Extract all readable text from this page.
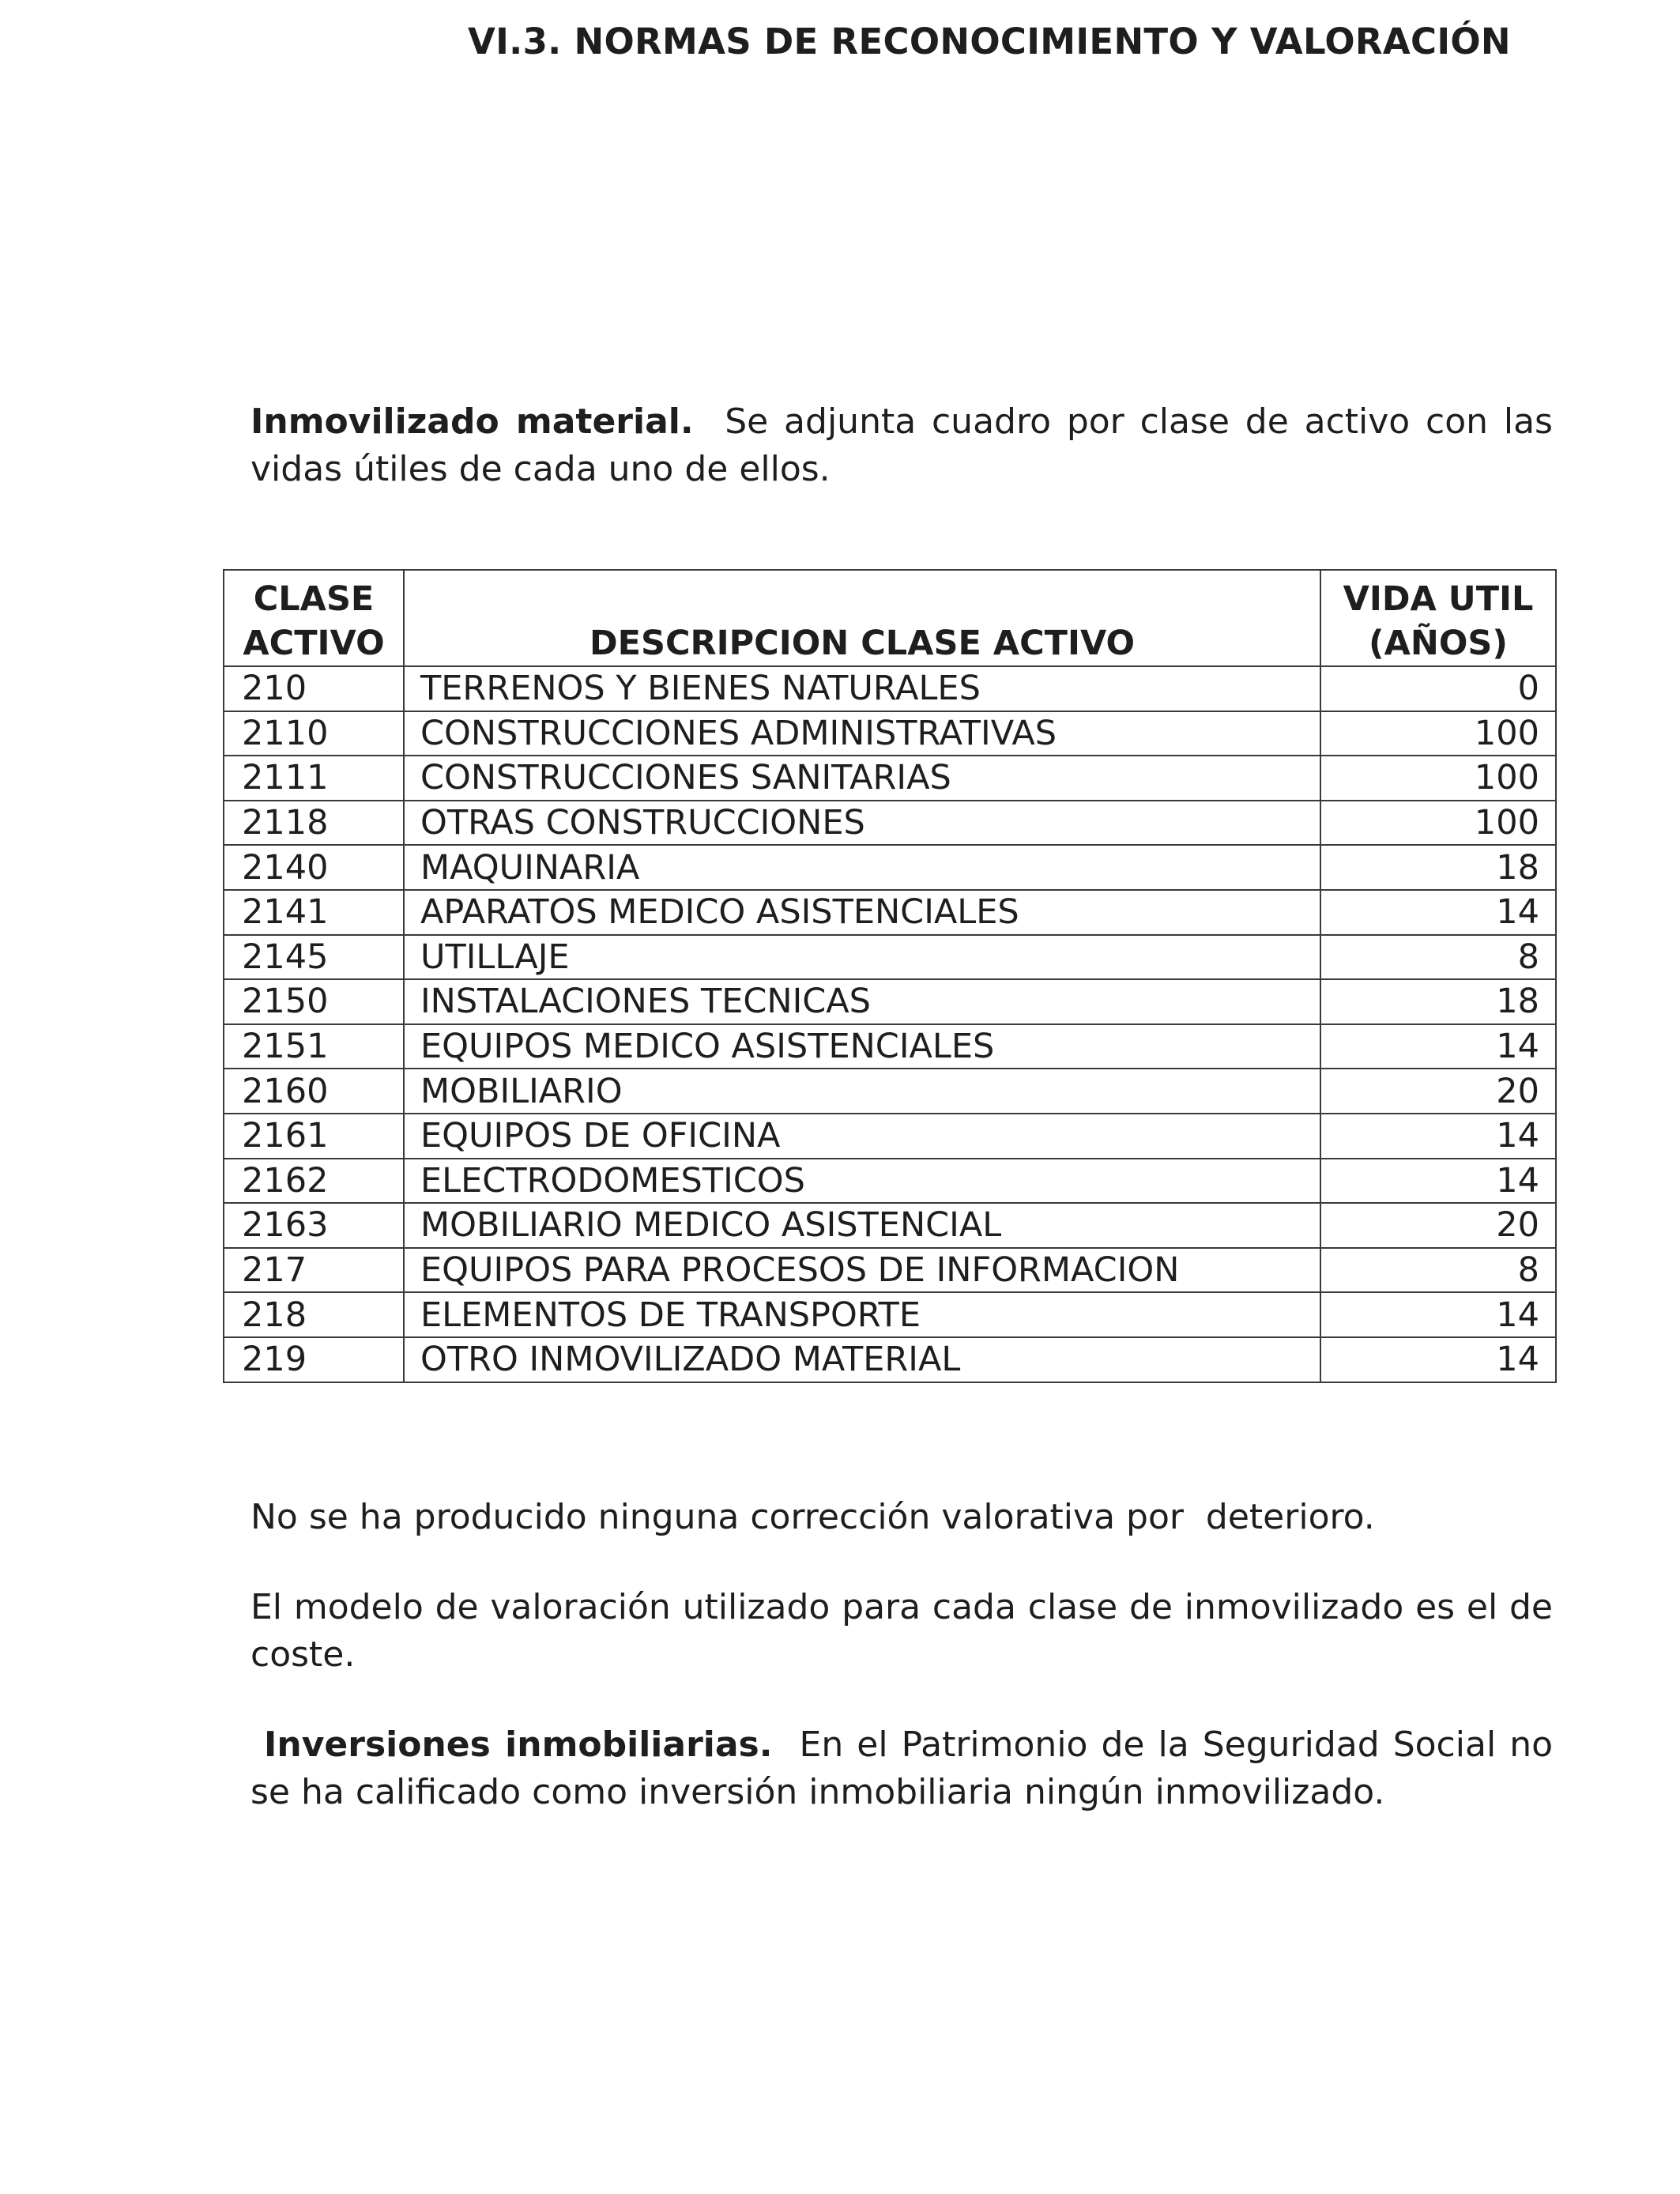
VI.3. NORMAS DE RECONOCIMIENTO Y VALORACIÓN

Inmovilizado material. Se adjunta cuadro por clase de activo con las vidas útiles de cada uno de ellos.

CLASE ACTIVO	DESCRIPCION CLASE ACTIVO	VIDA UTIL (AÑOS)
210	TERRENOS Y BIENES NATURALES	0
2110	CONSTRUCCIONES ADMINISTRATIVAS	100
2111	CONSTRUCCIONES SANITARIAS	100
2118	OTRAS CONSTRUCCIONES	100
2140	MAQUINARIA	18
2141	APARATOS MEDICO ASISTENCIALES	14
2145	UTILLAJE	8
2150	INSTALACIONES TECNICAS	18
2151	EQUIPOS MEDICO ASISTENCIALES	14
2160	MOBILIARIO	20
2161	EQUIPOS DE OFICINA	14
2162	ELECTRODOMESTICOS	14
2163	MOBILIARIO MEDICO ASISTENCIAL	20
217	EQUIPOS PARA PROCESOS DE INFORMACION	8
218	ELEMENTOS DE TRANSPORTE	14
219	OTRO INMOVILIZADO MATERIAL	14

No se ha producido ninguna corrección valorativa por  deterioro.

El modelo de valoración utilizado para cada clase de inmovilizado es el de coste.

Inversiones inmobiliarias. En el Patrimonio de la Seguridad Social no se ha calificado como inversión inmobiliaria ningún inmovilizado.
